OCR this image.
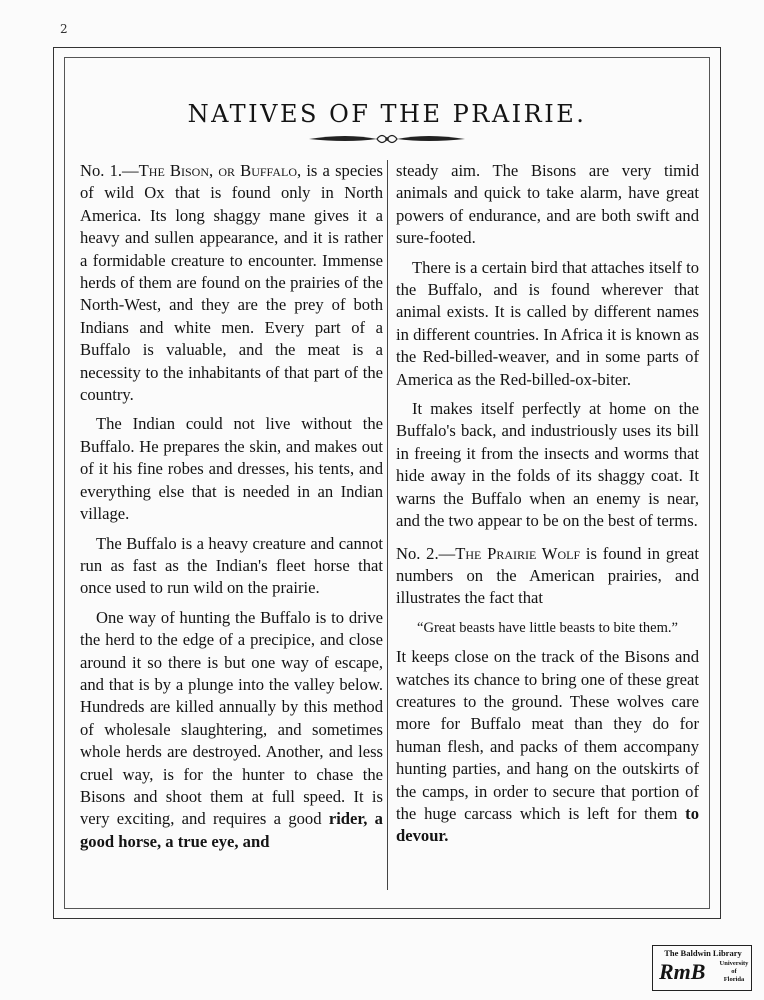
2
NATIVES OF THE PRAIRIE.

No. 1.—The Bison, or Buffalo, is a species of wild Ox that is found only in North America. Its long shaggy mane gives it a heavy and sullen appearance, and it is rather a formidable creature to encounter. Immense herds of them are found on the prairies of the North-West, and they are the prey of both Indians and white men. Every part of a Buffalo is valuable, and the meat is a necessity to the inhabitants of that part of the country.

The Indian could not live without the Buffalo. He prepares the skin, and makes out of it his fine robes and dresses, his tents, and everything else that is needed in an Indian village.

The Buffalo is a heavy creature and cannot run as fast as the Indian's fleet horse that once used to run wild on the prairie.

One way of hunting the Buffalo is to drive the herd to the edge of a precipice, and close around it so there is but one way of escape, and that is by a plunge into the valley below. Hundreds are killed annually by this method of wholesale slaughtering, and sometimes whole herds are destroyed. Another, and less cruel way, is for the hunter to chase the Bisons and shoot them at full speed. It is very exciting, and requires a good rider, a good horse, a true eye, and

steady aim. The Bisons are very timid animals and quick to take alarm, have great powers of endurance, and are both swift and sure-footed.

There is a certain bird that attaches itself to the Buffalo, and is found wherever that animal exists. It is called by different names in different countries. In Africa it is known as the Red-billed-weaver, and in some parts of America as the Red-billed-ox-biter.

It makes itself perfectly at home on the Buffalo's back, and industriously uses its bill in freeing it from the insects and worms that hide away in the folds of its shaggy coat. It warns the Buffalo when an enemy is near, and the two appear to be on the best of terms.

No. 2.—The Prairie Wolf is found in great numbers on the American prairies, and illustrates the fact that

“Great beasts have little beasts to bite them.”

It keeps close on the track of the Bisons and watches its chance to bring one of these great creatures to the ground. These wolves care more for Buffalo meat than they do for human flesh, and packs of them accompany hunting parties, and hang on the outskirts of the camps, in order to secure that portion of the huge carcass which is left for them to devour.

The Baldwin Library
RmB	University
of
Florida
